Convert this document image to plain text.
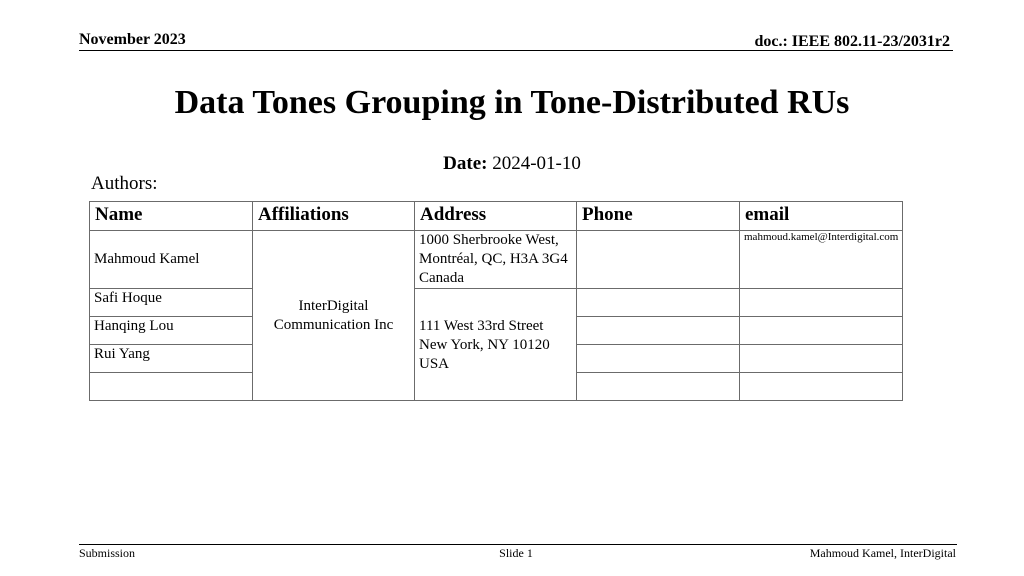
November 2023	doc.: IEEE 802.11-23/2031r2
Data Tones Grouping in Tone-Distributed RUs
Date: 2024-01-10
Authors:
Name	Affiliations	Address	Phone	email
Mahmoud Kamel	InterDigital Communication Inc	1000 Sherbrooke West, Montréal, QC, H3A 3G4 Canada		mahmoud.kamel@Interdigital.com
Safi Hoque		111 West 33rd Street New York, NY 10120 USA		
Hanqing Lou				
Rui Yang				

Submission	Slide 1	Mahmoud Kamel, InterDigital
